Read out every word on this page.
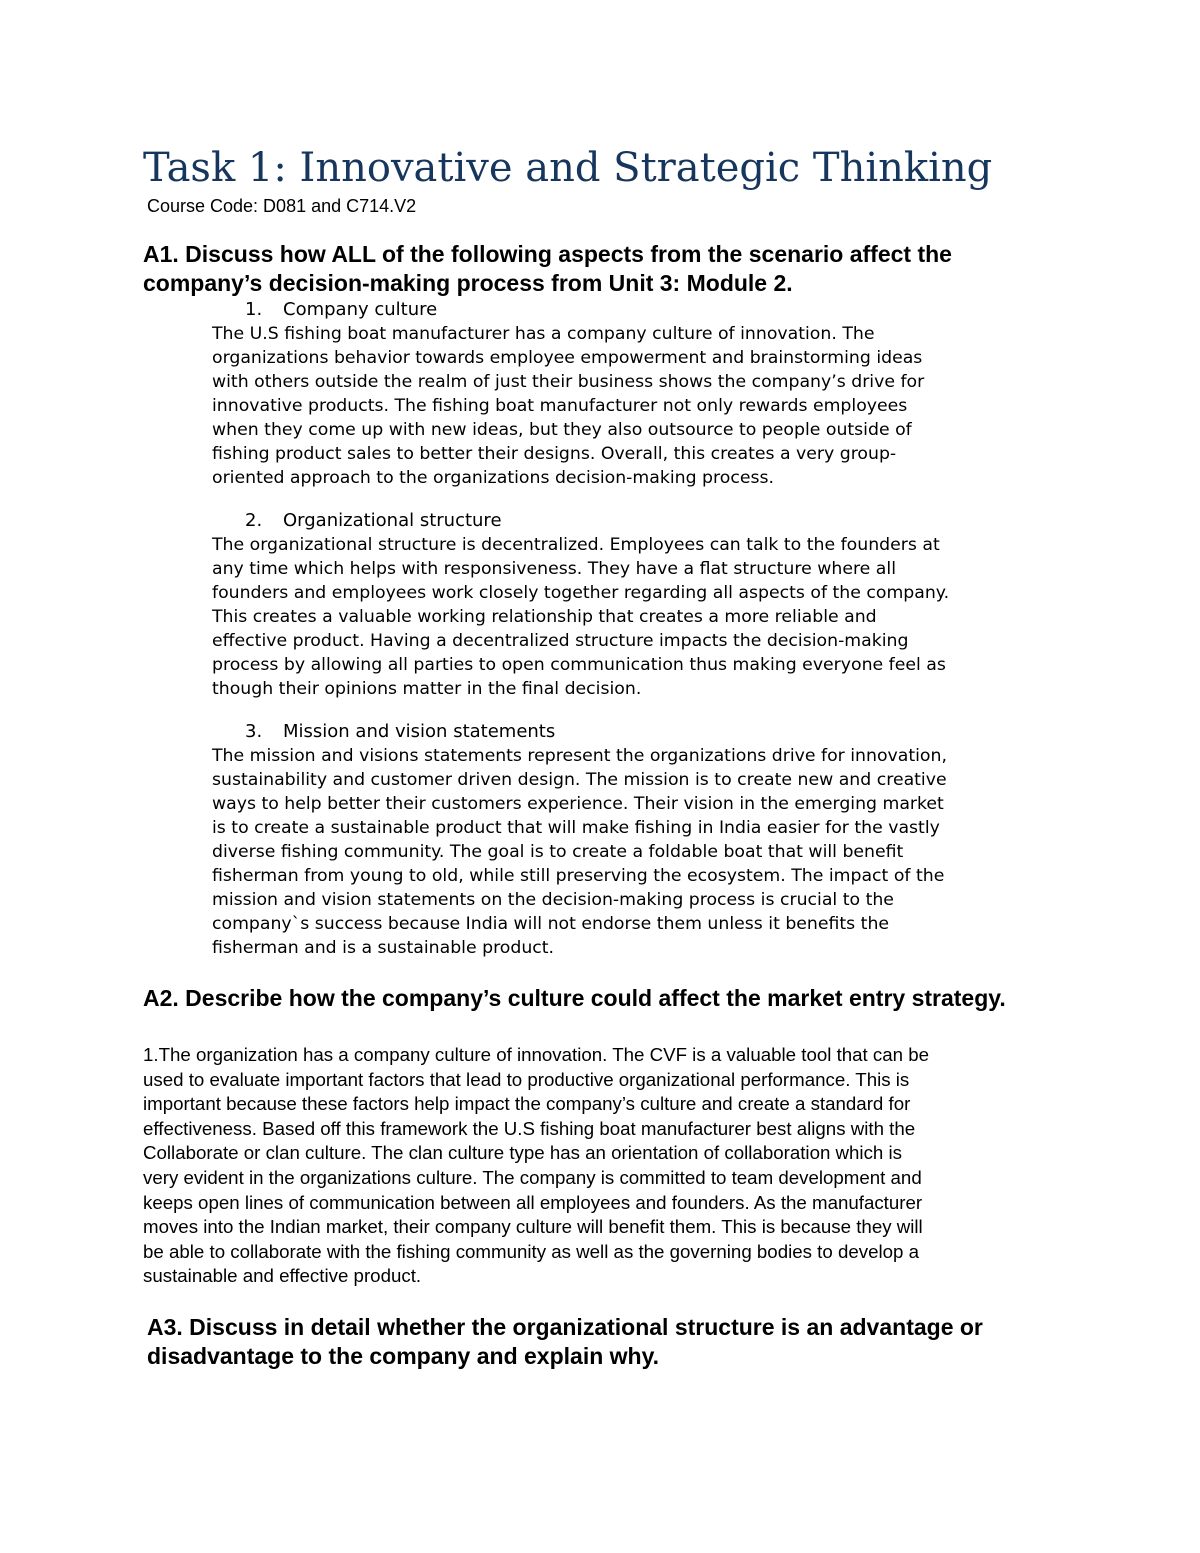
Task 1: Innovative and Strategic Thinking

Course Code: D081 and C714.V2

A1. Discuss how ALL of the following aspects from the scenario affect the company’s decision-making process from Unit 3: Module 2.
1. Company culture

The U.S fishing boat manufacturer has a company culture of innovation. The
organizations behavior towards employee empowerment and brainstorming ideas
with others outside the realm of just their business shows the company’s drive for
innovative products. The fishing boat manufacturer not only rewards employees
when they come up with new ideas, but they also outsource to people outside of
fishing product sales to better their designs. Overall, this creates a very group-
oriented approach to the organizations decision-making process.

2. Organizational structure

The organizational structure is decentralized. Employees can talk to the founders at
any time which helps with responsiveness. They have a flat structure where all
founders and employees work closely together regarding all aspects of the company.
This creates a valuable working relationship that creates a more reliable and
effective product. Having a decentralized structure impacts the decision-making
process by allowing all parties to open communication thus making everyone feel as
though their opinions matter in the final decision.

3. Mission and vision statements

The mission and visions statements represent the organizations drive for innovation,
sustainability and customer driven design. The mission is to create new and creative
ways to help better their customers experience. Their vision in the emerging market
is to create a sustainable product that will make fishing in India easier for the vastly
diverse fishing community. The goal is to create a foldable boat that will benefit
fisherman from young to old, while still preserving the ecosystem. The impact of the
mission and vision statements on the decision-making process is crucial to the
company`s success because India will not endorse them unless it benefits the
fisherman and is a sustainable product.

A2. Describe how the company’s culture could affect the market entry strategy.

1.The organization has a company culture of innovation. The CVF is a valuable tool that can be
used to evaluate important factors that lead to productive organizational performance. This is
important because these factors help impact the company’s culture and create a standard for
effectiveness. Based off this framework the U.S fishing boat manufacturer best aligns with the
Collaborate or clan culture. The clan culture type has an orientation of collaboration which is
very evident in the organizations culture. The company is committed to team development and
keeps open lines of communication between all employees and founders. As the manufacturer
moves into the Indian market, their company culture will benefit them. This is because they will
be able to collaborate with the fishing community as well as the governing bodies to develop a
sustainable and effective product.

A3. Discuss in detail whether the organizational structure is an advantage or disadvantage to the company and explain why.
